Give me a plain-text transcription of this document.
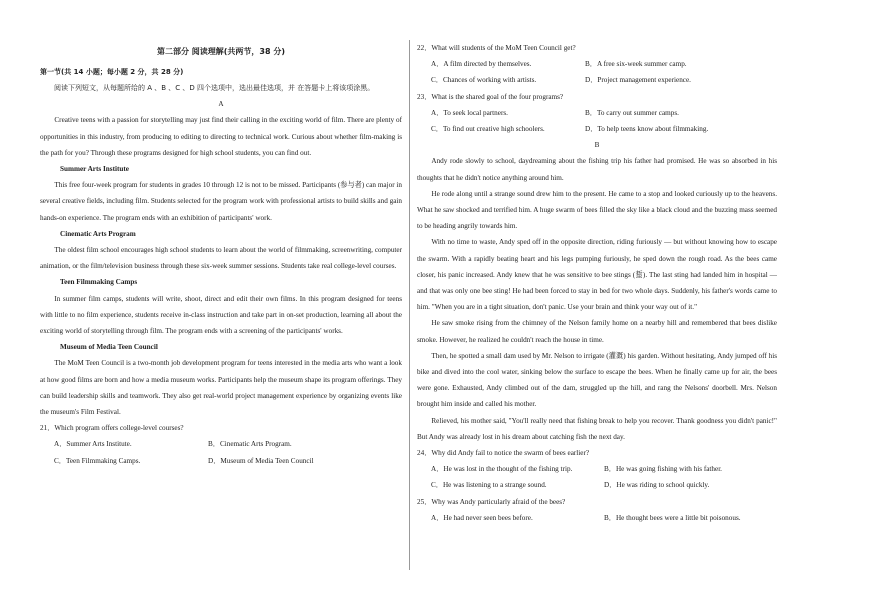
第二部分 阅读理解(共两节，38 分)
第一节(共 14 小题；每小题 2 分，共 28 分)

阅读下列短文，从每题所给的 A 、B 、C 、D 四个选项中，选出最佳选项，并 在答题卡上将该项涂黑。

A

Creative teens with a passion for storytelling may just find their calling in the exciting world of film. There are plenty of opportunities in this industry, from producing to editing to directing to technical work. Curious about whether film-making is the path for you? Through these programs designed for high school students, you can find out.

Summer Arts Institute

This free four-week program for students in grades 10 through 12 is not to be missed. Participants (参与者) can major in several creative fields, including film. Students selected for the program work with professional artists to build skills and gain hands-on experience. The program ends with an exhibition of participants' work.

Cinematic Arts Program

The oldest film school encourages high school students to learn about the world of filmmaking, screenwriting, computer animation, or the film/television business through these six-week summer sessions. Students take real college-level courses.

Teen Filmmaking Camps

In summer film camps, students will write, shoot, direct and edit their own films. In this program designed for teens with little to no film experience, students receive in-class instruction and take part in on-set production, learning all about the exciting world of storytelling through film. The program ends with a screening of the participants' works.

Museum of Media Teen Council

The MoM Teen Council is a two-month job development program for teens interested in the media arts who want a look at how good films are born and how a media museum works. Participants help the museum shape its program offerings. They can build leadership skills and teamwork. They also get real-world project management experience by organizing events like the museum's Film Festival.

21．Which program offers college-level courses?

A．Summer Arts Institute.	B．Cinematic Arts Program.
C．Teen Filmmaking Camps.	D．Museum of Media Teen Council

22．What will students of the MoM Teen Council get?

A．A film directed by themselves.	B．A free six-week summer camp.
C．Chances of working with artists.	D．Project management experience.

23．What is the shared goal of the four programs?

A．To seek local partners.	B．To carry out summer camps.
C．To find out creative high schoolers.	D．To help teens know about filmmaking.
B

Andy rode slowly to school, daydreaming about the fishing trip his father had promised. He was so absorbed in his thoughts that he didn't notice anything around him.

He rode along until a strange sound drew him to the present. He came to a stop and looked curiously up to the heavens. What he saw shocked and terrified him. A huge swarm of bees filled the sky like a black cloud and the buzzing mass seemed to be heading angrily towards him.

With no time to waste, Andy sped off in the opposite direction, riding furiously — but without knowing how to escape the swarm. With a rapidly beating heart and his legs pumping furiously, he sped down the rough road. As the bees came closer, his panic increased. Andy knew that he was sensitive to bee stings (蜇). The last sting had landed him in hospital — and that was only one bee sting! He had been forced to stay in bed for two whole days. Suddenly, his father's words came to him. "When you are in a tight situation, don't panic. Use your brain and think your way out of it."

He saw smoke rising from the chimney of the Nelson family home on a nearby hill and remembered that bees dislike smoke. However, he realized he couldn't reach the house in time.

Then, he spotted a small dam used by Mr. Nelson to irrigate (灌溉) his garden. Without hesitating, Andy jumped off his bike and dived into the cool water, sinking below the surface to escape the bees. When he finally came up for air, the bees were gone. Exhausted, Andy climbed out of the dam, struggled up the hill, and rang the Nelsons' doorbell. Mrs. Nelson brought him inside and called his mother.

Relieved, his mother said, "You'll really need that fishing break to help you recover. Thank goodness you didn't panic!" But Andy was already lost in his dream about catching fish the next day.

24．Why did Andy fail to notice the swarm of bees earlier?

A．He was lost in the thought of the fishing trip.	B．He was going fishing with his father.
C．He was listening to a strange sound.	D．He was riding to school quickly.

25．Why was Andy particularly afraid of the bees?

A．He had never seen bees before.	B．He thought bees were a little bit poisonous.
